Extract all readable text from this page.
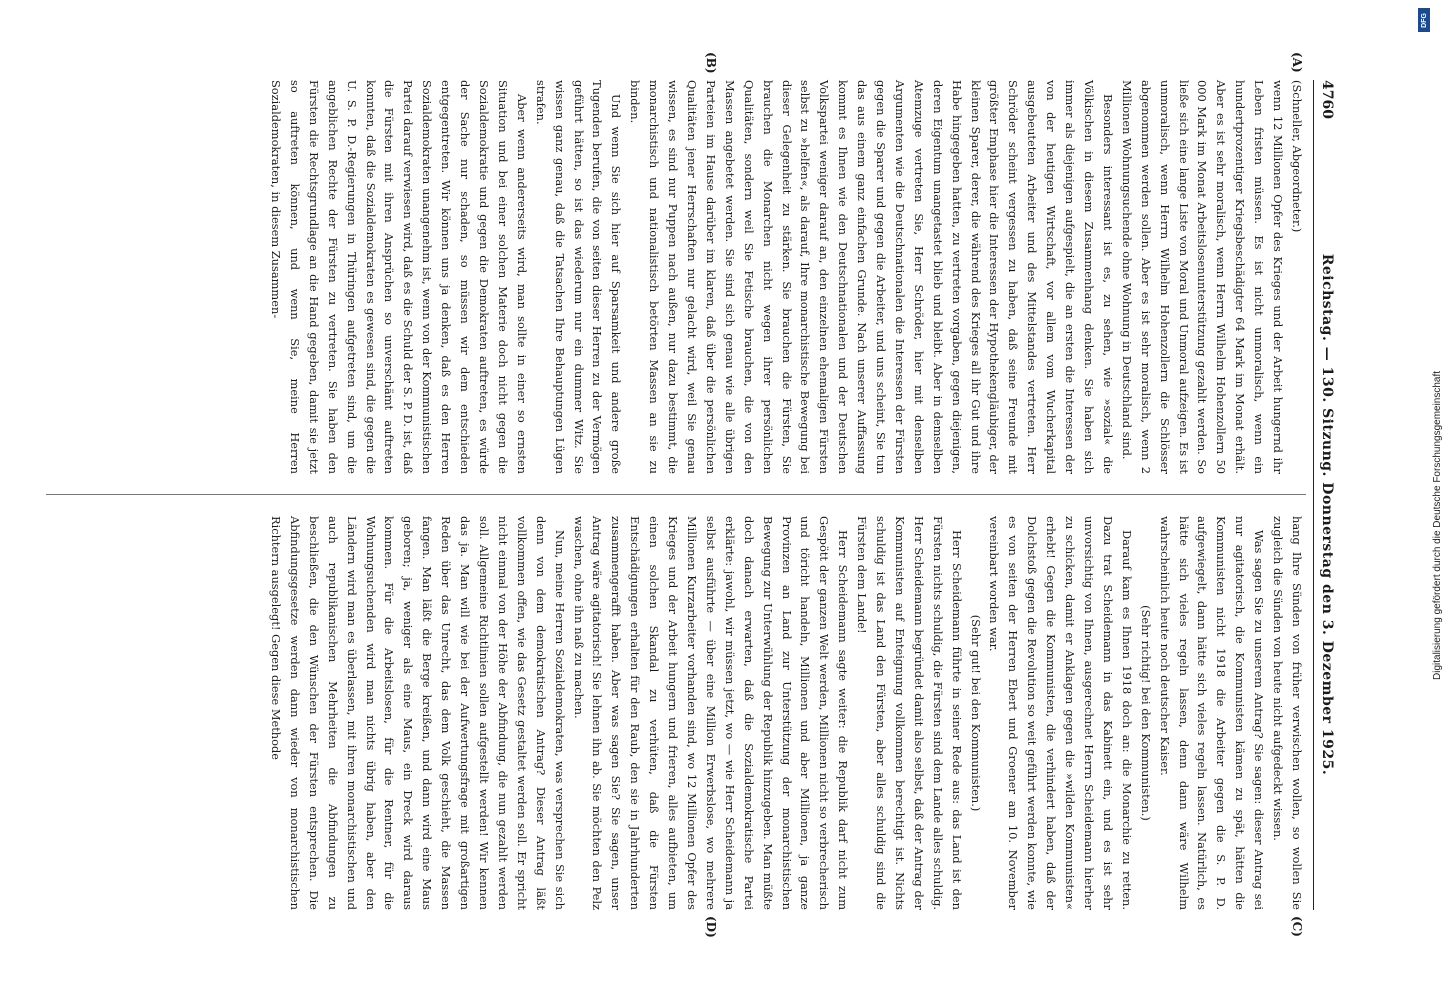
4760
Reichstag. — 130. Sitzung. Donnerstag den 3. Dezember 1925.

(Schneller, Abgeordneter.)

wenn 12 Millionen Opfer des Krieges und der Arbeit hungernd ihr Leben fristen müssen. Es ist nicht unmoralisch, wenn ein hundertprozentiger Kriegsbeschädigter 64 Mark im Monat erhält. Aber es ist sehr moralisch, wenn Herrn Wilhelm Hohenzollern 50 000 Mark im Monat Arbeitslosenunterstützung gezahlt werden. So ließe sich eine lange Liste von Moral und Unmoral aufzeigen. Es ist unmoralisch, wenn Herrn Wilhelm Hohenzollern die Schlösser abgenommen werden sollen. Aber es ist sehr moralisch, wenn 2 Millionen Wohnungsuchende ohne Wohnung in Deutschland sind.

Besonders interessant ist es, zu sehen, wie »sozial« die Völkischen in diesem Zusammenhang denken. Sie haben sich immer als diejenigen aufgespielt, die an ersten die Interessen der von der heutigen Wirtschaft, vor allem vom Wucherkapital ausgebeuteten Arbeiter und des Mittelstandes vertreten. Herr Schröder scheint vergessen zu haben, daß seine Freunde mit größter Emphase hier die Interessen der Hypothekengläubiger, der kleinen Sparer, derer, die während des Krieges all ihr Gut und ihre Habe hingegeben hatten, zu vertreten vorgaben, gegen diejenigen, deren Eigentum unangetastet blieb und bleibt. Aber in demselben Atemzuge vertreten Sie, Herr Schröder, hier mit denselben Argumenten wie die Deutschnationalen die Interessen der Fürsten gegen die Sparer und gegen die Arbeiter, und uns scheint, Sie tun das aus einem ganz einfachen Grunde. Nach unserer Auffassung kommt es Ihnen wie den Deutschnationalen und der Deutschen Volkspartei weniger darauf an, den einzelnen ehemaligen Fürsten selbst zu »helfen«, als darauf, Ihre monarchistische Bewegung bei dieser Gelegenheit zu stärken. Sie brauchen die Fürsten, Sie brauchen die Monarchen nicht wegen ihrer persönlichen Qualitäten, sondern weil Sie Fetische brauchen, die von den Massen angebetet werden. Sie sind sich genau wie alle übrigen Parteien im Hause darüber im klaren, daß über die persönlichen Qualitäten jener Herrschaften nur gelacht wird, weil Sie genau wissen, es sind nur Puppen nach außen, nur dazu bestimmt, die monarchistisch und nationalistisch betörten Massen an sie zu binden.

Und wenn Sie sich hier auf Sparsamkeit und andere große Tugenden berufen, die von seiten dieser Herren zu der Vermögen geführt hätten, so ist das wiederum nur ein dummer Witz. Sie wissen ganz genau, daß die Tatsachen Ihre Behauptungen Lügen strafen.

Aber wenn andererseits wird, man sollte in einer so ernsten Situation und bei einer solchen Materie doch nicht gegen die Sozialdemokratie und gegen die Demokraten auftreten, es würde der Sache nur schaden, so müssen wir dem entschieden entgegentreten. Wir können uns ja denken, daß es den Herren Sozialdemokraten unangenehm ist, wenn von der Kommunistischen Partei darauf verwiesen wird, daß es die Schuld der S. P. D. ist, daß die Fürsten mit ihren Ansprüchen so unverschämt auftreten konnten, daß die Sozialdemokraten es gewesen sind, die gegen die U. S. P. D.-Regierungen in Thüringen aufgetreten sind, um die angeblichen Rechte der Fürsten zu vertreten. Sie haben den Fürsten die Rechtsgrundlage an die Hand gegeben, damit sie jetzt so auftreten können, und wenn Sie, meine Herren Sozialdemokraten, in diesem Zusammen-

hang Ihre Sünden von früher verwischen wollen, so wollen Sie zugleich die Sünden von heute nicht aufgedeckt wissen.

Was sagen Sie zu unserem Antrag? Sie sagen: dieser Antrag sei nur agitatorisch, die Kommunisten kämen zu spät, hätten die Kommunisten nicht 1918 die Arbeiter gegen die S. P. D. aufgewiegelt, dann hätte sich vieles regeln lassen. Natürlich, es hätte sich vieles regeln lassen, denn dann wäre Wilhelm wahrscheinlich heute noch deutscher Kaiser.

(Sehr richtig! bei den Kommunisten.)

Darauf kam es Ihnen 1918 doch an: die Monarchie zu retten. Dazu trat Scheidemann in das Kabinett ein, und es ist sehr unvorsichtig von Ihnen, ausgerechnet Herrn Scheidemann hierher zu schicken, damit er Anklagen gegen die »wilden Kommunisten« erhebt! Gegen die Kommunisten, die verhindert haben, daß der Dolchstoß gegen die Revolution so weit geführt werden konnte, wie es von seiten der Herren Ebert und Groener am 10. November vereinbart worden war.

(Sehr gut! bei den Kommunisten.)

Herr Scheidemann führte in seiner Rede aus: das Land ist den Fürsten nichts schuldig, die Fürsten sind dem Lande alles schuldig. Herr Scheidemann begründet damit also selbst, daß der Antrag der Kommunisten auf Enteignung vollkommen berechtigt ist. Nichts schuldig ist das Land den Fürsten, aber alles schuldig sind die Fürsten dem Lande!

Herr Scheidemann sagte weiter: die Republik darf nicht zum Gespött der ganzen Welt werden, Millionen nicht so verbrecherisch und töricht handeln, Millionen und aber Millionen, ja ganze Provinzen an Land zur Unterstützung der monarchistischen Bewegung zur Unterwühlung der Republik hinzugeben. Man müßte doch danach erwarten, daß die Sozialdemokratische Partei erklärte: jawohl, wir müssen jetzt, wo — wie Herr Scheidemann ja selbst ausführte — über eine Million Erwerbslose, wo mehrere Millionen Kurzarbeiter vorhanden sind, wo 12 Millionen Opfer des Krieges und der Arbeit hungern und frieren, alles aufbieten, um einen solchen Skandal zu verhüten, daß die Fürsten Entschädigungen erhalten für den Raub, den sie in Jahrhunderten zusammengerafft haben. Aber was sagen Sie? Sie sagen, unser Antrag wäre agitatorisch! Sie lehnen ihn ab. Sie möchten den Pelz waschen, ohne ihn naß zu machen.

Nun, meine Herren Sozialdemokraten, was versprechen Sie sich denn von dem demokratischen Antrag? Dieser Antrag läßt vollkommen offen, wie das Gesetz gestaltet werden soll. Er spricht nicht einmal von der Höhe der Abfindung, die nun gezahlt werden soll. Allgemeine Richtlinien sollen aufgestellt werden! Wir kennen das ja. Man will wie bei der Aufwertungsfrage mit großartigen Reden über das Unrecht, das dem Volk geschieht, die Massen fangen. Man läßt die Berge kreißen, und dann wird eine Maus geboren; ja, weniger als eine Maus, ein Dreck wird daraus kommen. Für die Arbeitslosen, für die Rentner, für die Wohnungsuchenden wird man nichts übrig haben, aber den Ländern wird man es überlassen, mit ihren monarchistischen und auch republikanischen Mehrheiten die Abfindungen zu beschließen, die den Wünschen der Fürsten entsprechen. Die Abfindungsgesetze werden dann wieder von monarchistischen Richtern ausgelegt! Gegen diese Methode

(A)
(B)
(C)
(D)
DFG
Digitalisierung gefördert durch die Deutsche Forschungsgemeinschaft
